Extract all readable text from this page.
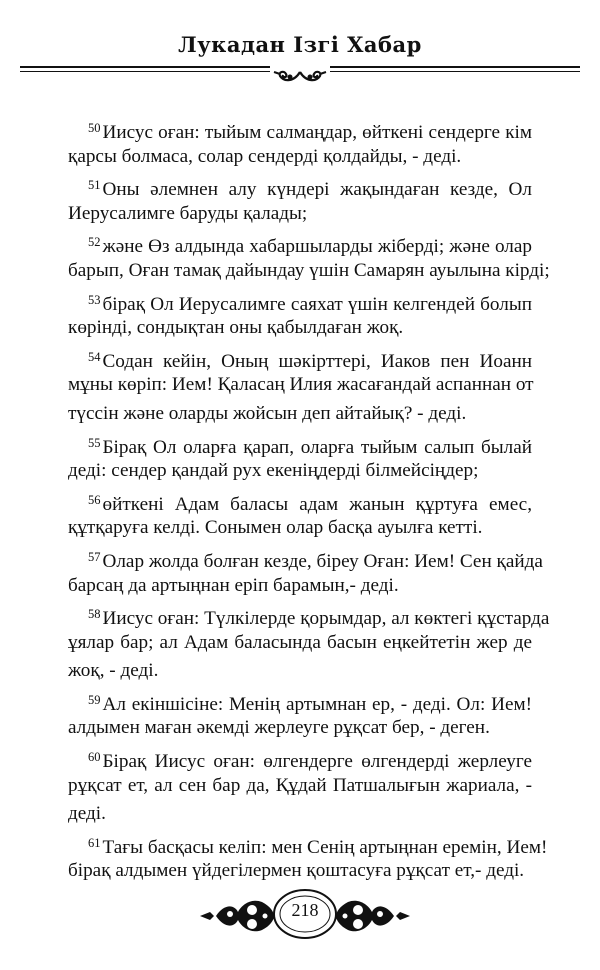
Лукадан Ізгі Хабар
$^{50}$ Иисус оған: тыйым салмаңдар, өйткені сендерге кім
қарсы болмаса, солар сендерді қолдайды, - деді.
$^{51}$ Оны әлемнен алу күндері жақындаған кезде, Ол
Иерусалимге баруды қалады;
$^{52}$ және Өз алдында хабаршыларды жіберді; және олар
барып, Оған тамақ дайындау үшін Самарян ауылына кірді;
$^{53}$ бірақ Ол Иерусалимге саяхат үшін келгендей болып
көрінді, сондықтан оны қабылдаған жоқ.
$^{54}$ Содан кейін, Оның шәкірттері, Иаков пен Иоанн
мұны көріп: Ием! Қаласаң Илия жасағандай аспаннан от
түссін және оларды жойсын деп айтайық? - деді.
$^{55}$ Бірақ Ол оларға қарап, оларға тыйым салып былай
деді: сендер қандай рух екеніңдерді білмейсіңдер;
$^{56}$ өйткені Адам баласы адам жанын құртуға емес,
құтқаруға келді. Сонымен олар басқа ауылға кетті.
$^{57}$ Олар жолда болған кезде, біреу Оған: Ием! Сен қайда
барсаң да артыңнан еріп барамын,- деді.
$^{58}$ Иисус оған: Түлкілерде қорымдар, ал көктегі құстарда
ұялар бар; ал Адам баласында басын еңкейтетін жер де
жоқ, - деді.
$^{59}$ Ал екіншісіне: Менің артымнан ер, - деді. Ол: Ием!
алдымен маған әкемді жерлеуге рұқсат бер, - деген.
$^{60}$ Бірақ Иисус оған: өлгендерге өлгендерді жерлеуге
рұқсат ет, ал сен бар да, Құдай Патшалығын жариала, -
деді.
$^{61}$ Тағы басқасы келіп: мен Сенің артыңнан еремін, Ием!
бірақ алдымен үйдегілермен қоштасуға рұқсат ет,- деді.
218
